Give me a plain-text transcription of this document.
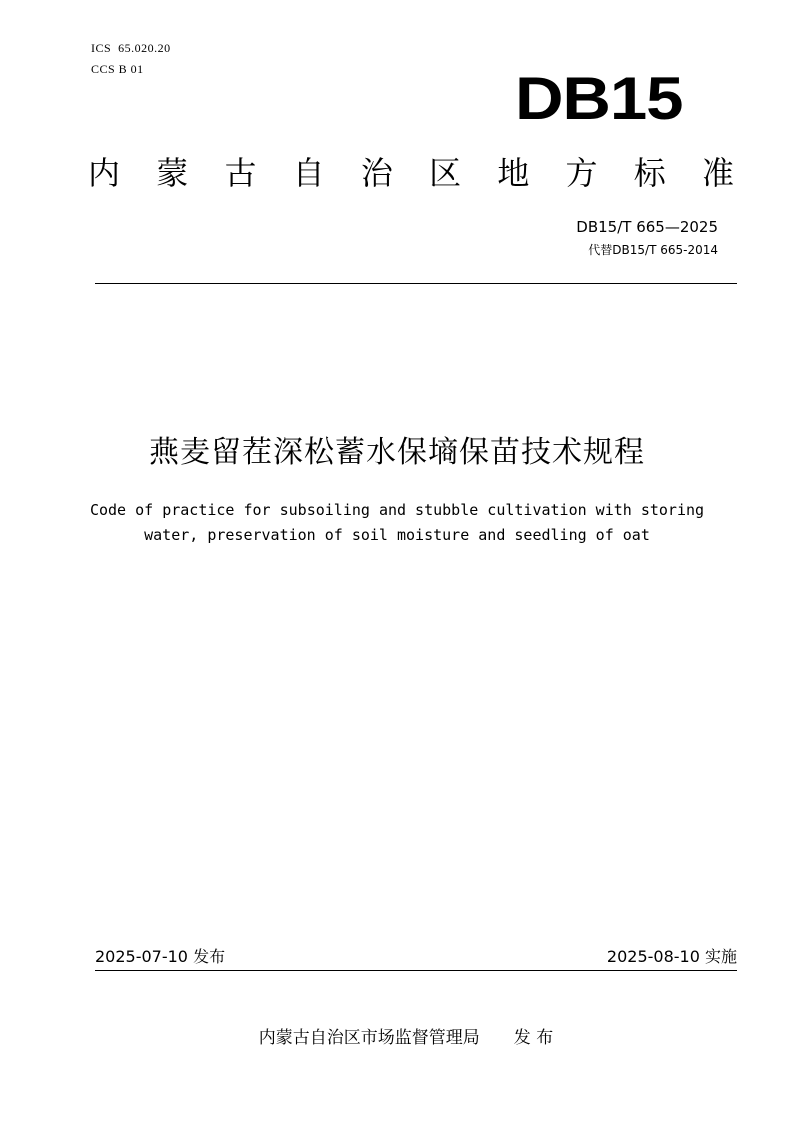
ICS  65.020.20
CCS B 01	DB15
内 蒙 古 自 治 区 地 方 标 准
DB15/T 665—2025
代替DB15/T 665-2014
燕麦留茬深松蓄水保墒保苗技术规程
Code of practice for subsoiling and stubble cultivation with storing
water, preservation of soil moisture and seedling of oat
2025-07-10 发布	2025-08-10 实施
内蒙古自治区市场监督管理局 发 布
